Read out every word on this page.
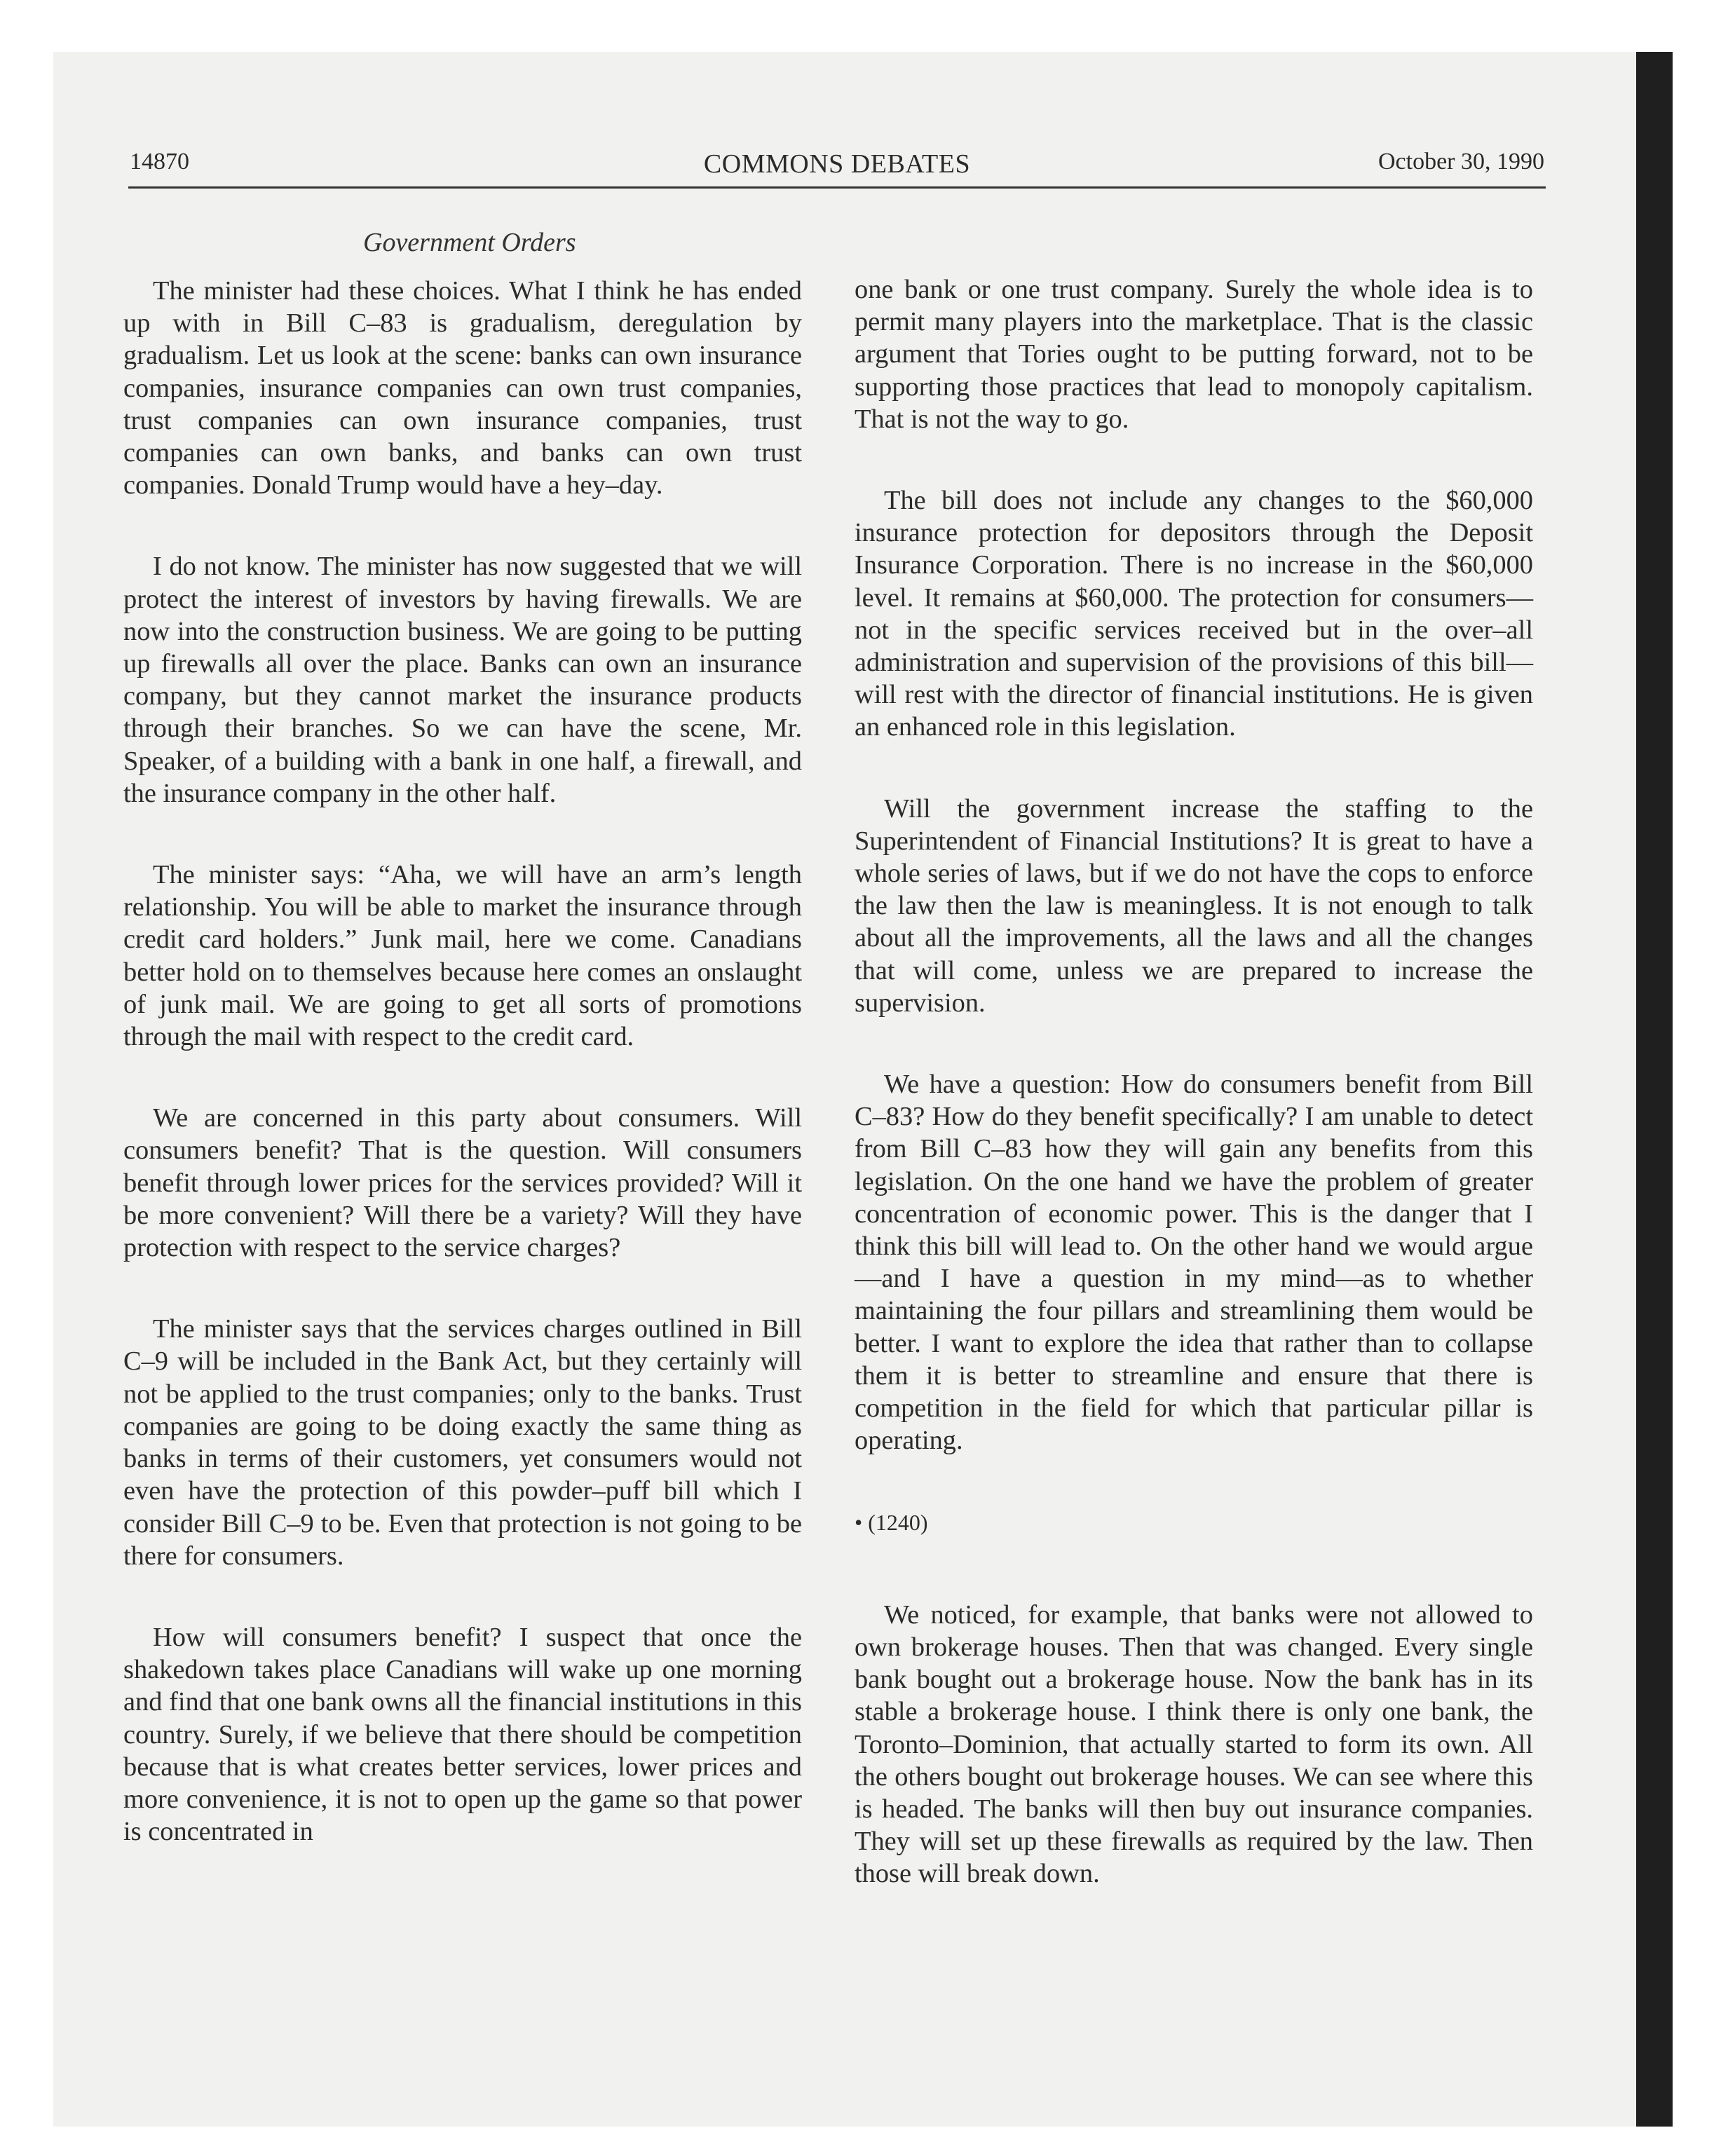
14870	COMMONS DEBATES	October 30, 1990
Government Orders

The minister had these choices. What I think he has ended up with in Bill C–83 is gradualism, deregulation by gradualism. Let us look at the scene: banks can own insurance companies, insurance companies can own trust companies, trust companies can own insurance companies, trust companies can own banks, and banks can own trust companies. Donald Trump would have a hey–day.

I do not know. The minister has now suggested that we will protect the interest of investors by having firewalls. We are now into the construction business. We are going to be putting up firewalls all over the place. Banks can own an insurance company, but they cannot market the insurance products through their branches. So we can have the scene, Mr. Speaker, of a building with a bank in one half, a firewall, and the insurance company in the other half.

The minister says: “Aha, we will have an arm’s length relationship. You will be able to market the insurance through credit card holders.” Junk mail, here we come. Canadians better hold on to themselves because here comes an onslaught of junk mail. We are going to get all sorts of promotions through the mail with respect to the credit card.

We are concerned in this party about consumers. Will consumers benefit? That is the question. Will consumers benefit through lower prices for the services provided? Will it be more convenient? Will there be a variety? Will they have protection with respect to the service charges?

The minister says that the services charges outlined in Bill C–9 will be included in the Bank Act, but they certainly will not be applied to the trust companies; only to the banks. Trust companies are going to be doing exactly the same thing as banks in terms of their customers, yet consumers would not even have the protection of this powder–puff bill which I consider Bill C–9 to be. Even that protection is not going to be there for consumers.

How will consumers benefit? I suspect that once the shakedown takes place Canadians will wake up one morning and find that one bank owns all the financial institutions in this country. Surely, if we believe that there should be competition because that is what creates better services, lower prices and more convenience, it is not to open up the game so that power is concentrated in

one bank or one trust company. Surely the whole idea is to permit many players into the marketplace. That is the classic argument that Tories ought to be putting forward, not to be supporting those practices that lead to monopoly capitalism. That is not the way to go.

The bill does not include any changes to the $60,000 insurance protection for depositors through the Deposit Insurance Corporation. There is no increase in the $60,000 level. It remains at $60,000. The protection for consumers—not in the specific services received but in the over–all administration and supervision of the provisions of this bill—will rest with the director of financial institutions. He is given an enhanced role in this legislation.

Will the government increase the staffing to the Superintendent of Financial Institutions? It is great to have a whole series of laws, but if we do not have the cops to enforce the law then the law is meaningless. It is not enough to talk about all the improvements, all the laws and all the changes that will come, unless we are prepared to increase the supervision.

We have a question: How do consumers benefit from Bill C–83? How do they benefit specifically? I am unable to detect from Bill C–83 how they will gain any benefits from this legislation. On the one hand we have the problem of greater concentration of economic power. This is the danger that I think this bill will lead to. On the other hand we would argue—and I have a question in my mind—as to whether maintaining the four pillars and streamlining them would be better. I want to explore the idea that rather than to collapse them it is better to streamline and ensure that there is competition in the field for which that particular pillar is operating.

• (1240)

We noticed, for example, that banks were not allowed to own brokerage houses. Then that was changed. Every single bank bought out a brokerage house. Now the bank has in its stable a brokerage house. I think there is only one bank, the Toronto–Dominion, that actually started to form its own. All the others bought out brokerage houses. We can see where this is headed. The banks will then buy out insurance companies. They will set up these firewalls as required by the law. Then those will break down.
